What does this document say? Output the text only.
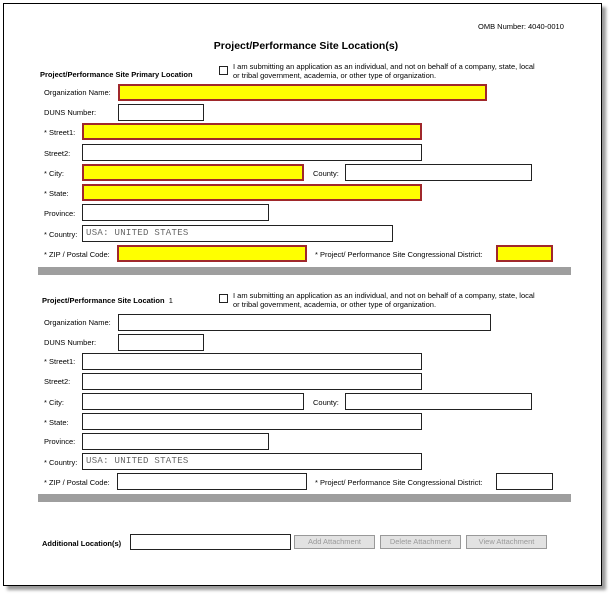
OMB Number: 4040-0010
Project/Performance Site Location(s)
Project/Performance Site Primary Location
I am submitting an application as an individual, and not on behalf of a company, state, local or tribal government, academia, or other type of organization.
Organization Name:
DUNS Number:
* Street1:
Street2:
* City:	County:
* State:
Province:
* Country: USA: UNITED STATES
* ZIP / Postal Code:	* Project/ Performance Site Congressional District:
Project/Performance Site Location 1
I am submitting an application as an individual, and not on behalf of a company, state, local or tribal government, academia, or other type of organization.
Organization Name:
DUNS Number:
* Street1:
Street2:
* City:	County:
* State:
Province:
* Country: USA: UNITED STATES
* ZIP / Postal Code:	* Project/ Performance Site Congressional District:
Additional Location(s)	Add Attachment	Delete Attachment	View Attachment
